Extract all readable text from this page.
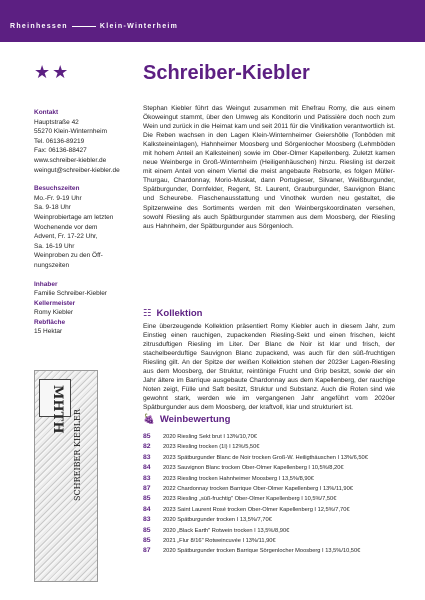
Rheinhessen	Klein-Winterheim
★★	Schreiber-Kiebler
Kontakt
Hauptstraße 42
55270 Klein-Winternheim
Tel. 06136-89219
Fax: 06136-88427
www.schreiber-kiebler.de
weingut@schreiber-kiebler.de
Besuchszeiten
Mo.-Fr. 9-19 Uhr
Sa. 9-18 Uhr
Weinprobiertage am letzten
Wochenende vor dem
Advent, Fr. 17-22 Uhr,
Sa. 16-19 Uhr
Weinproben zu den Öff-
nungszeiten
Inhaber
Familie Schreiber-Kiebler
Kellermeister
Romy Kiebler
Rebfläche
15 Hektar
MHTH SCHREIBER KIEBLER
Stephan Kiebler führt das Weingut zusammen mit Ehefrau Romy, die aus einem Ökoweingut stammt, über den Umweg als Konditorin und Patissière doch noch zum Wein und zurück in die Heimat kam und seit 2011 für die Vinifikation verantwortlich ist. Die Reben wachsen in den Lagen Klein-Winternheimer Geiershölle (Tonböden mit Kalksteineinlagen), Hahnheimer Moosberg und Sörgenlocher Moosberg (Lehmböden mit hohem Anteil an Kalksteinen) sowie im Ober-Olmer Kapellenberg. Zuletzt kamen neue Weinberge in Groß-Winternheim (Heiligenhäuschen) hinzu. Riesling ist derzeit mit einem Anteil von einem Viertel die meist angebaute Rebsorte, es folgen Müller-Thurgau, Chardonnay, Morio-Muskat, dann Portugieser, Silvaner, Weißburgunder, Spätburgunder, Dornfelder, Regent, St. Laurent, Grauburgunder, Sauvignon Blanc und Scheurebe. Flaschenausstattung und Vinothek wurden neu gestaltet, die Spitzenweine des Sortiments werden mit den Weinbergskoordinaten versehen, sowohl Riesling als auch Spätburgunder stammen aus dem Moosberg, der Riesling aus Hahnheim, der Spätburgunder aus Sörgenloch.
☷ Kollektion
Eine überzeugende Kollektion präsentiert Romy Kiebler auch in diesem Jahr, zum Einstieg einen rauchigen, zupackenden Riesling-Sekt und einen frischen, leicht zitrusduftigen Riesling im Liter. Der Blanc de Noir ist klar und frisch, der stachelbeerduftige Sauvignon Blanc zupackend, was auch für den süß-fruchtigen Riesling gilt. An der Spitze der weißen Kollektion stehen der 2023er Lagen-Riesling aus dem Moosberg, der Struktur, reintönige Frucht und Grip besitzt, sowie der ein Jahr ältere im Barrique ausgebaute Chardonnay aus dem Kapellenberg, der rauchige Noten zeigt, Fülle und Saft besitzt, Struktur und Substanz. Auch die Roten sind wie gewohnt stark, werden wie im vergangenen Jahr angeführt vom 2020er Spätburgunder aus dem Moosberg, der kraftvoll, klar und strukturiert ist.
🍇 Weinbewertung
85 2020 Riesling Sekt brut I 13%/10,70€
82 2023 Riesling trocken (1l) I 12%/5,50€
83 2023 Spätburgunder Blanc de Noir trocken Groß-W. Heiligthäuschen I 13%/6,50€
84 2023 Sauvignon Blanc trocken Ober-Olmer Kapellenberg I 10,5%/8,20€
83 2023 Riesling trocken Hahnheimer Moosberg I 13,5%/8,90€
87 2022 Chardonnay trocken Barrique Ober-Olmer Kapellenberg I 13%/11,90€
85 2023 Riesling „süß-fruchtig" Ober-Olmer Kapellenberg I 10,5%/7,50€
84 2023 Saint Laurent Rosé trocken Ober-Olmer Kapellenberg I 12,5%/7,70€
83 2020 Spätburgunder trocken I 13,5%/7,70€
85 2020 „Black Earth" Rotwein trocken I 13,5%/8,90€
85 2021 „Flur 8/16" Rotweincuvée I 13%/11,90€
87 2020 Spätburgunder trocken Barrique Sörgenlocher Moosberg I 13,5%/10,50€
